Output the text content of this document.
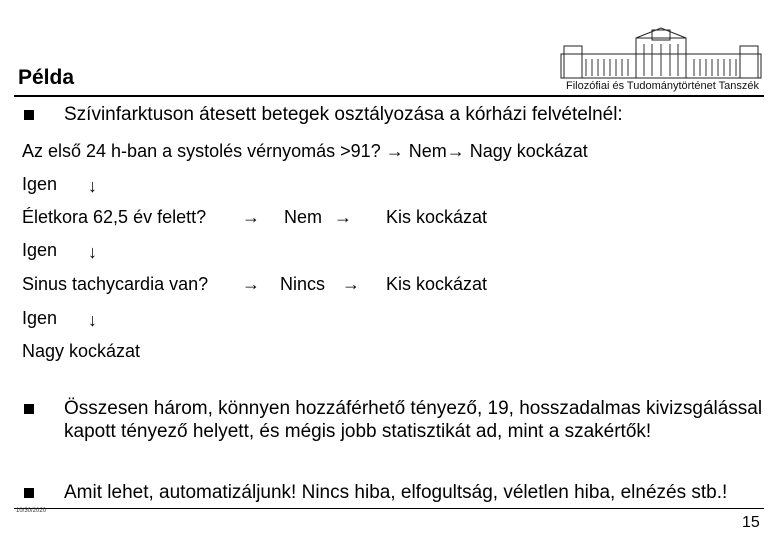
Példa	Filozófiai és Tudománytörténet Tanszék
Szívinfarktuson átesett betegek osztályozása a kórházi felvételnél:
Az első 24 h-ban a systolés vérnyomás >91? → Nem→ Nagy kockázat
Igen ↓
Életkora 62,5 év felett? → Nem → Kis kockázat
Igen ↓
Sinus tachycardia van? → Nincs → Kis kockázat
Igen ↓
Nagy kockázat
Összesen három, könnyen hozzáférhető tényező, 19, hosszadalmas kivizsgálással kapott tényező helyett, és mégis jobb statisztikát ad, mint a szakértők!
Amit lehet, automatizáljunk! Nincs hiba, elfogultság, véletlen hiba, elnézés stb.!
10/30/2020
15
